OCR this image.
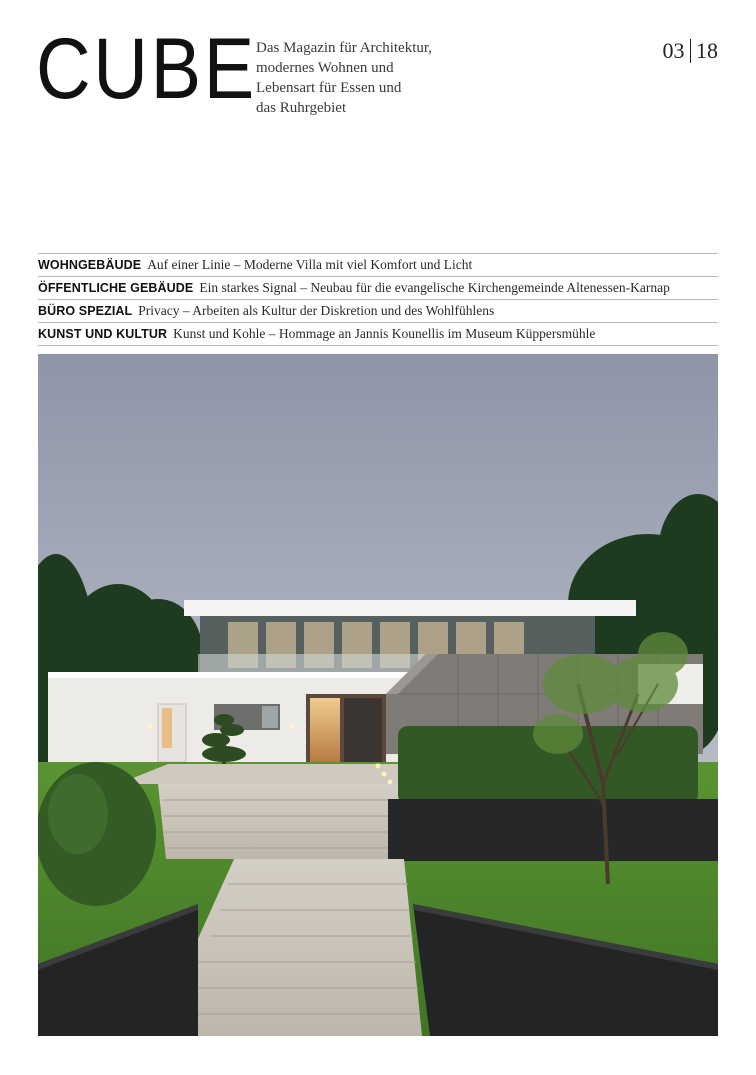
CUBE Das Magazin für Architektur,
modernes Wohnen und
Lebensart für Essen und
das Ruhrgebiet
03 18
WOHNGEBÄUDE Auf einer Linie – Moderne Villa mit viel Komfort und Licht
ÖFFENTLICHE GEBÄUDE Ein starkes Signal – Neubau für die evangelische Kirchengemeinde Altenessen-Karnap
BÜRO SPEZIAL Privacy – Arbeiten als Kultur der Diskretion und des Wohlfühlens
KUNST UND KULTUR Kunst und Kohle – Hommage an Jannis Kounellis im Museum Küppersmühle
